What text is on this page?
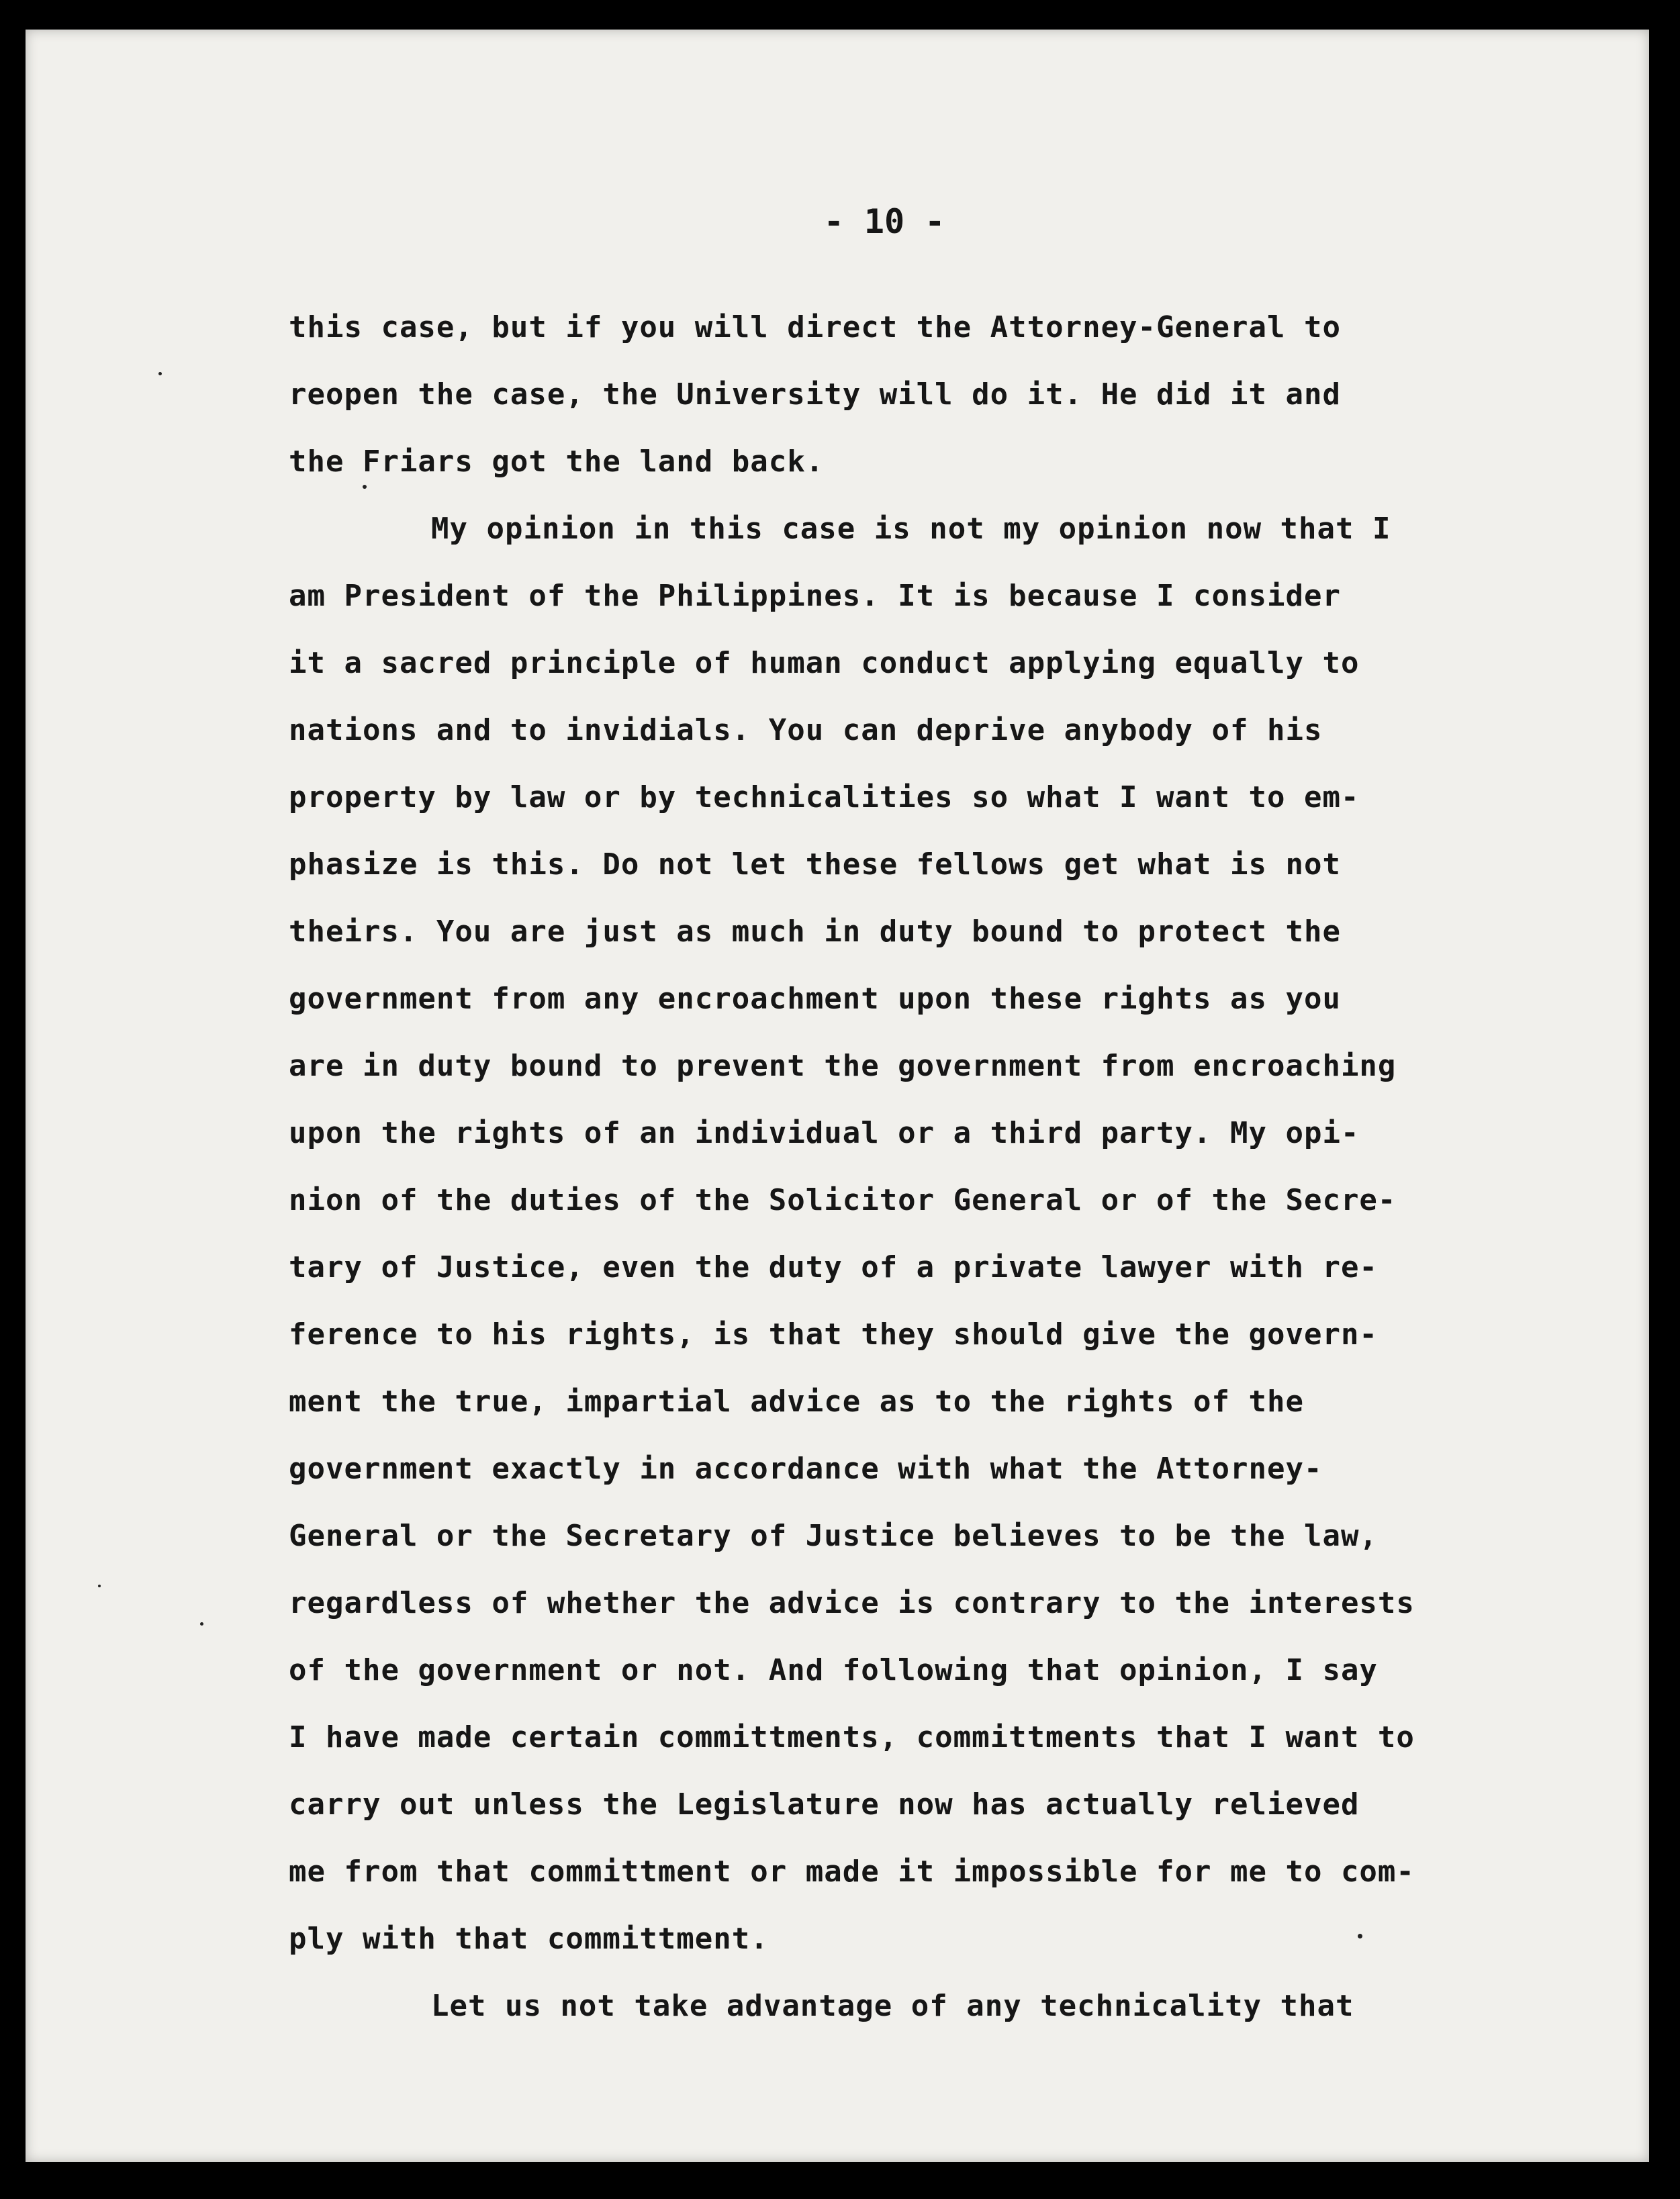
- 10 -
this case, but if you will direct the Attorney-General to
reopen the case, the University will do it. He did it and
the Friars got the land back.
My opinion in this case is not my opinion now that I
am President of the Philippines. It is because I consider
it a sacred principle of human conduct applying equally to
nations and to invidials. You can deprive anybody of his
property by law or by technicalities so what I want to em-
phasize is this. Do not let these fellows get what is not
theirs. You are just as much in duty bound to protect the
government from any encroachment upon these rights as you
are in duty bound to prevent the government from encroaching
upon the rights of an individual or a third party. My opi-
nion of the duties of the Solicitor General or of the Secre-
tary of Justice, even the duty of a private lawyer with re-
ference to his rights, is that they should give the govern-
ment the true, impartial advice as to the rights of the
government exactly in accordance with what the Attorney-
General or the Secretary of Justice believes to be the law,
regardless of whether the advice is contrary to the interests
of the government or not. And following that opinion, I say
I have made certain committments, committments that I want to
carry out unless the Legislature now has actually relieved
me from that committment or made it impossible for me to com-
ply with that committment.
Let us not take advantage of any technicality that
